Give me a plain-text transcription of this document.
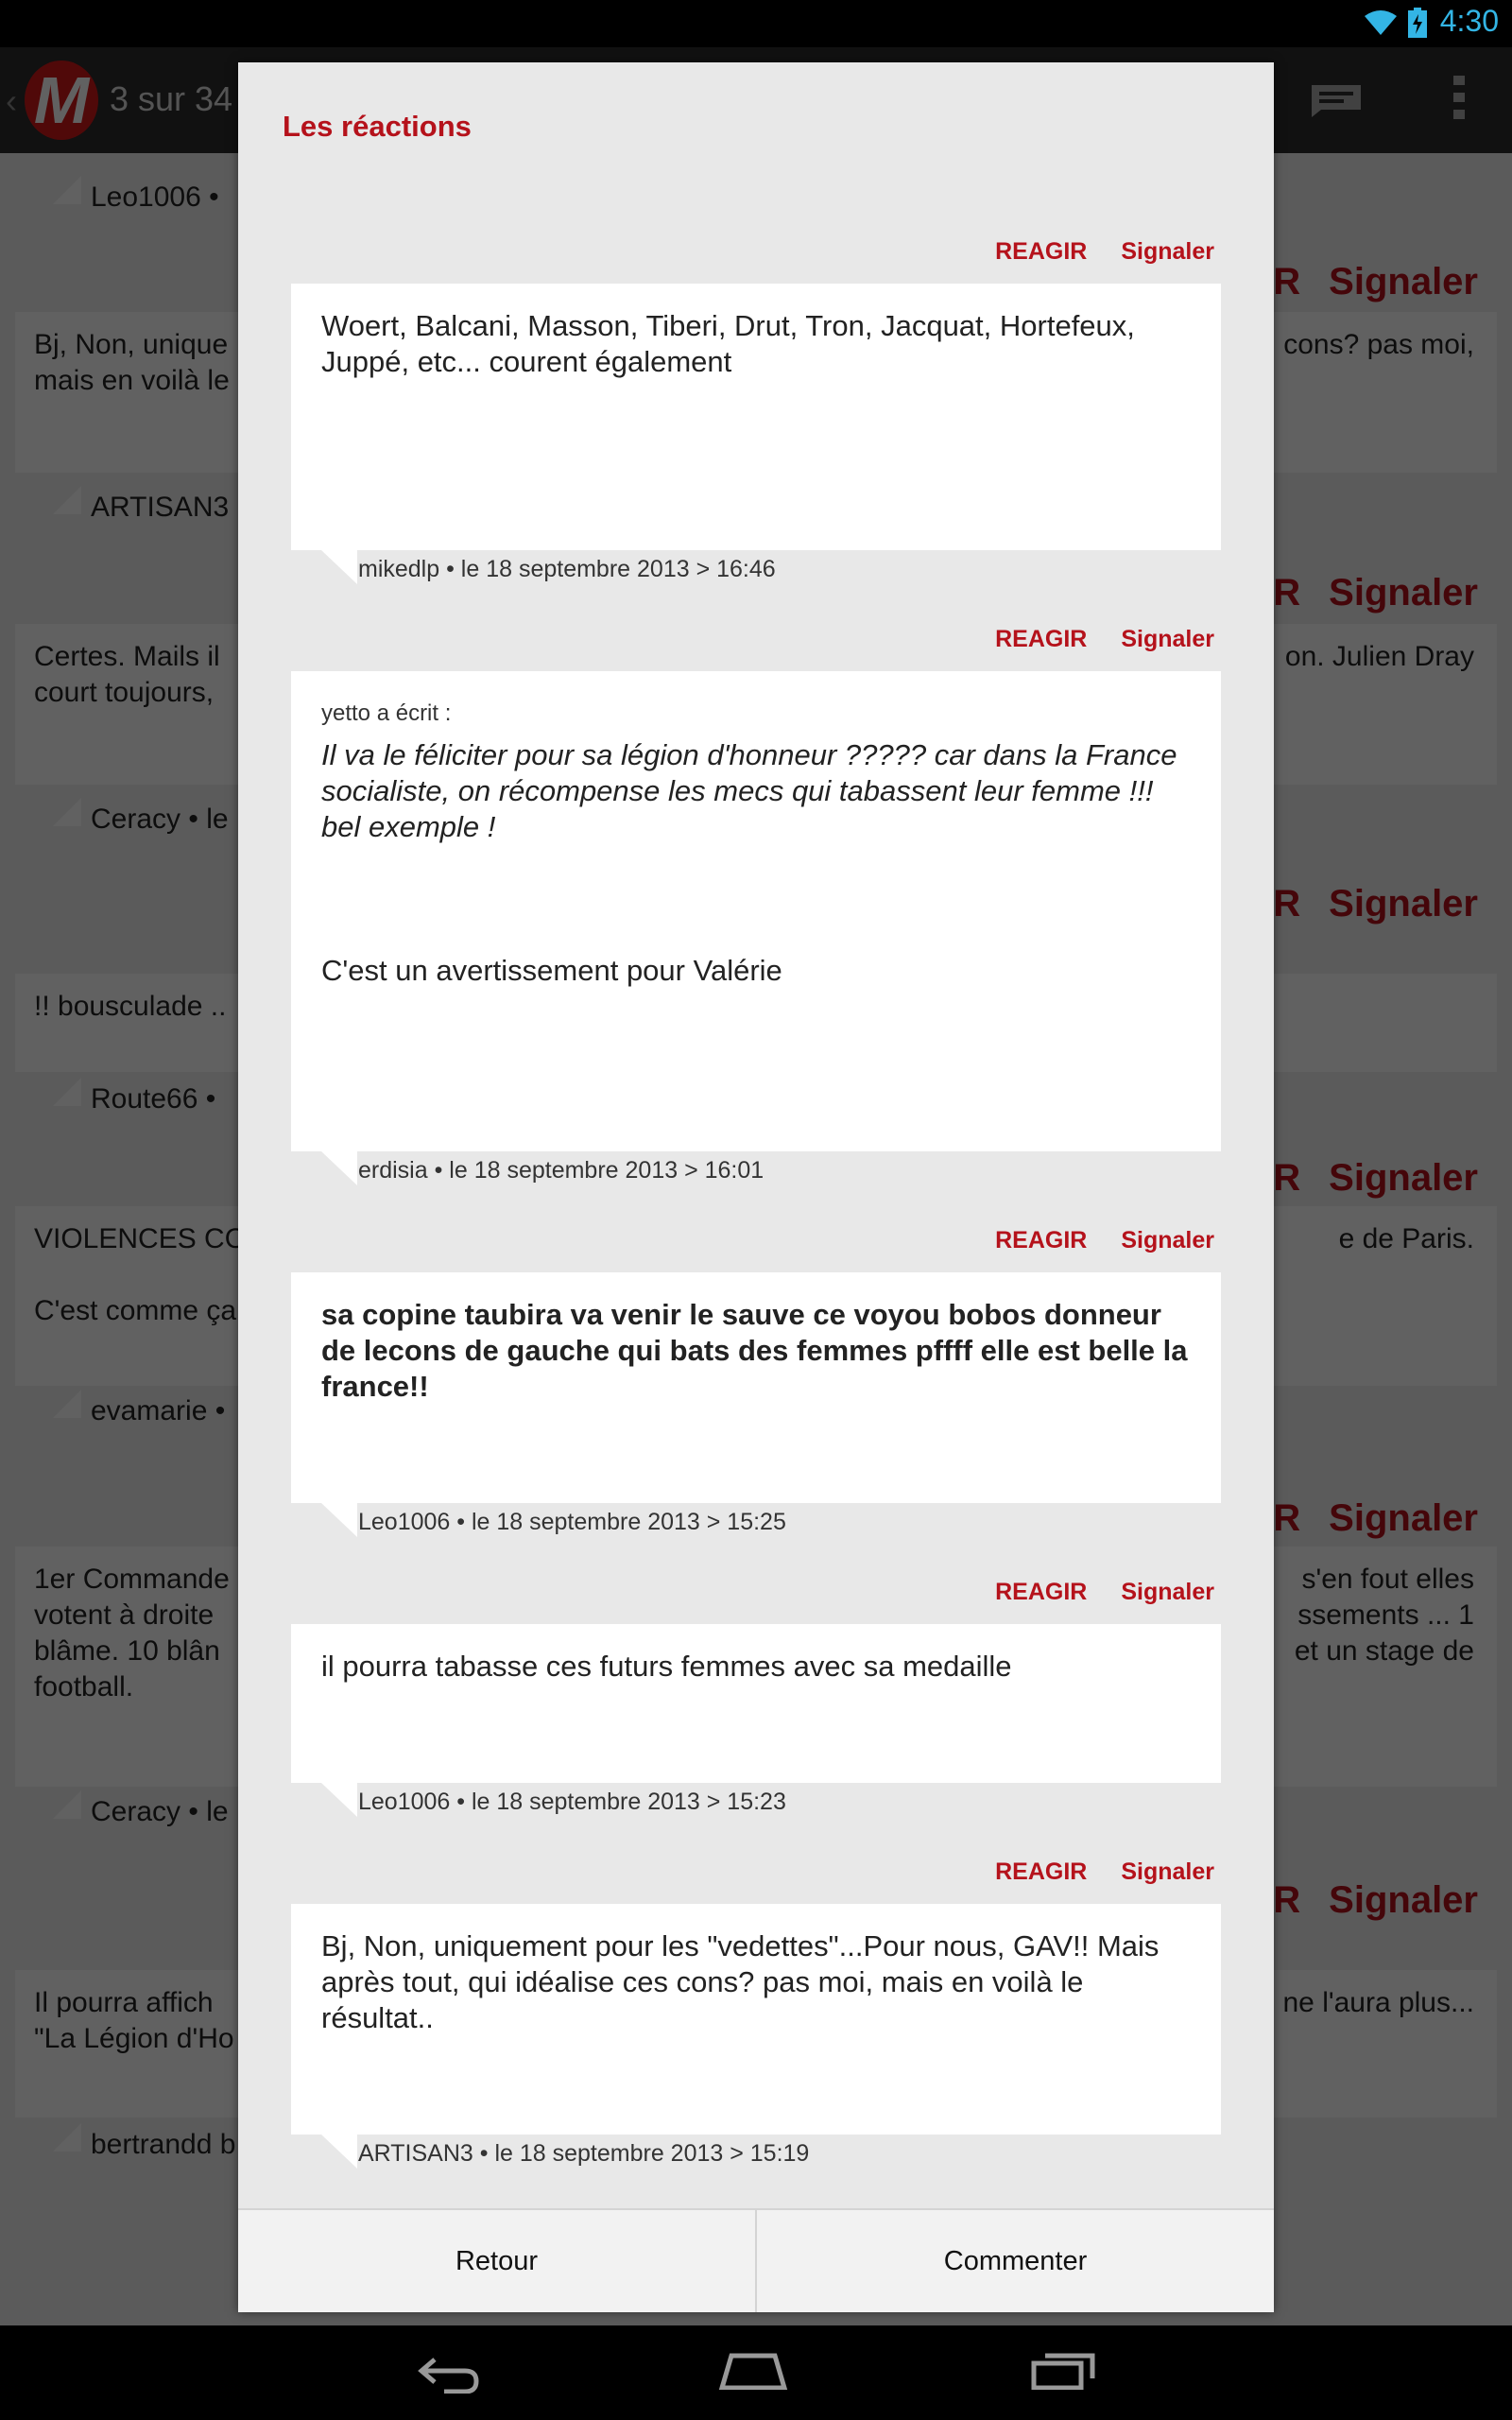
4:30
Les réactions
REAGIR Signaler
Woert, Balcani, Masson, Tiberi, Drut, Tron, Jacquat, Hortefeux, Juppé, etc... courent également
mikedlp • le 18 septembre 2013 > 16:46
REAGIR Signaler
yetto a écrit :
Il va le féliciter pour sa légion d'honneur ????? car dans la France socialiste, on récompense les mecs qui tabassent leur femme !!! bel exemple !
C'est un avertissement pour Valérie
erdisia • le 18 septembre 2013 > 16:01
REAGIR Signaler
sa copine taubira va venir le sauve ce voyou bobos donneur de lecons de gauche qui bats des femmes pffff elle est belle la france!!
Leo1006 • le 18 septembre 2013 > 15:25
REAGIR Signaler
il pourra tabasse ces futurs femmes avec sa medaille
Leo1006 • le 18 septembre 2013 > 15:23
REAGIR Signaler
Bj, Non, uniquement pour les "vedettes"...Pour nous, GAV!! Mais après tout, qui idéalise ces cons? pas moi, mais en voilà le résultat..
ARTISAN3 • le 18 septembre 2013 > 15:19
Retour	Commenter
